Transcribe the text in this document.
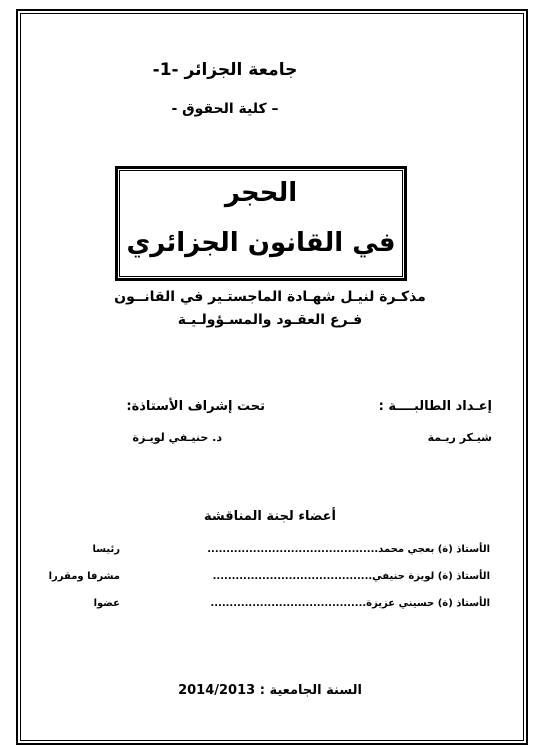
جامعة الجزائر -1-
– كلية الحقوق -
الحجر
في القانون الجزائري
مذكـرة لنيـل شهـادة الماجستـير في القانــون
فـرع العقـود والمسـؤولـيـة
إعـداد الطالبــــة :
تحت إشراف الأستاذة:
شيـكر ريـمة
د. حنيـفي لويـزة
أعضاء لجنة المناقشة
الأستاذ (ة) بعجي محمد.............................................
رئيسا
الأستاذ (ة) لويزة حنيفي..........................................
مشرفا ومقررا
الأستاذ (ة) حسيني عزيزة.........................................
عضوا
السنة الجامعية : 2014/2013
